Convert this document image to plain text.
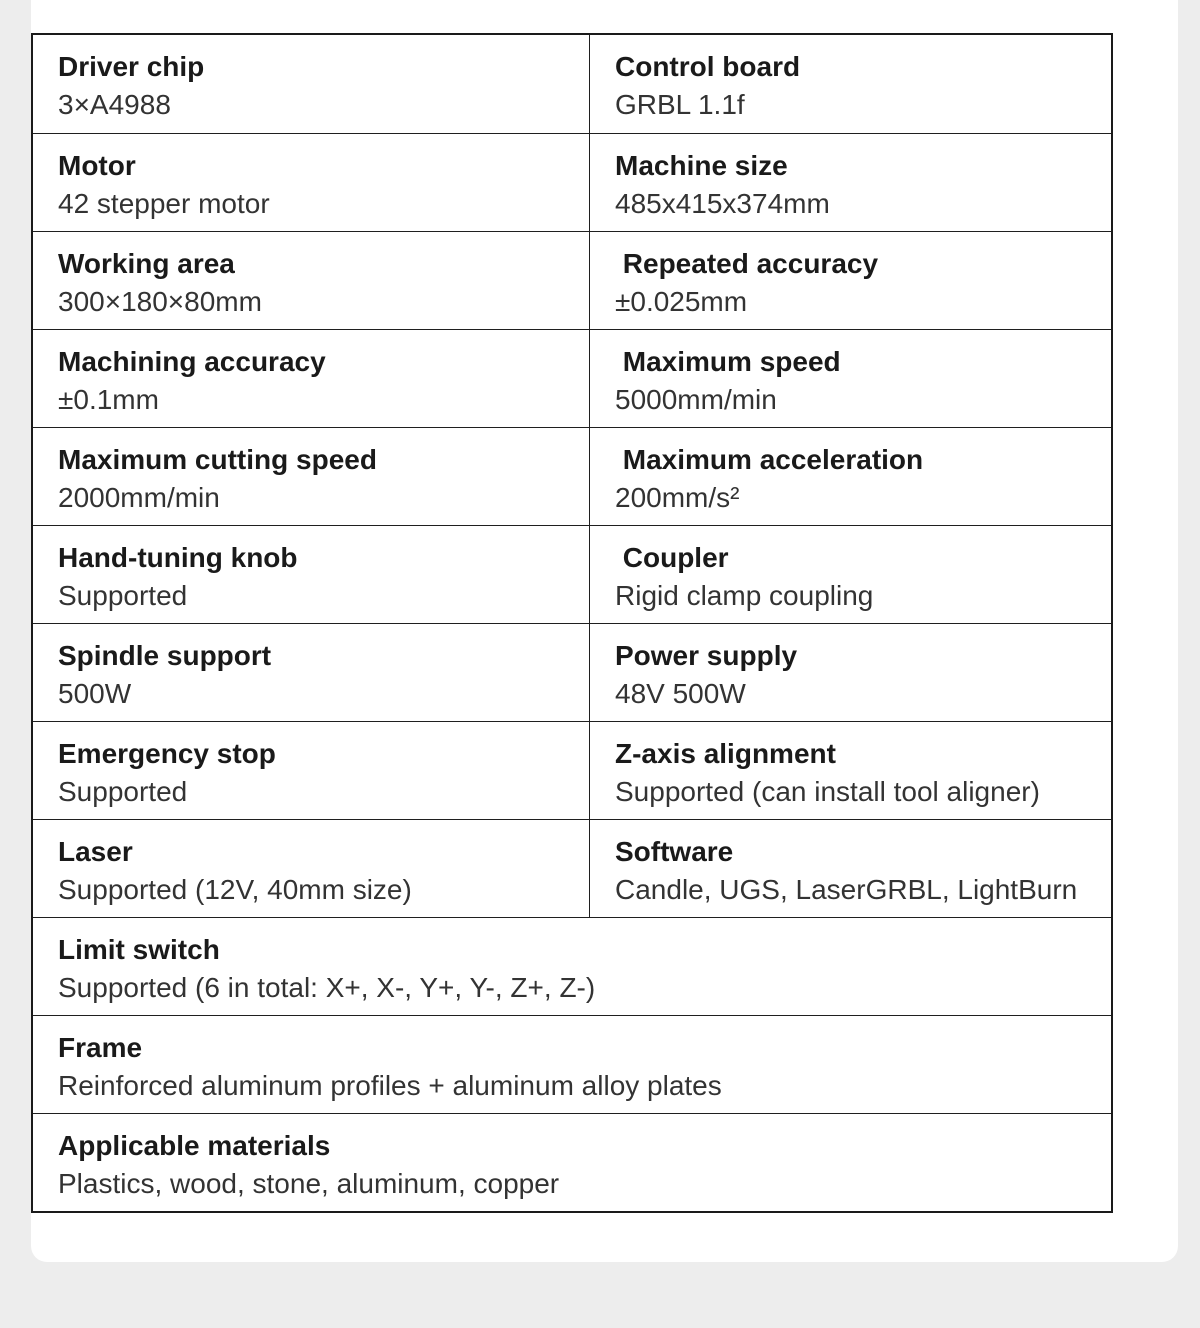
Driver chip
3×A4988
Control board
GRBL 1.1f
Motor
42 stepper motor
Machine size
485x415x374mm
Working area
300×180×80mm
Repeated accuracy
±0.025mm
Machining accuracy
±0.1mm
Maximum speed
5000mm/min
Maximum cutting speed
2000mm/min
Maximum acceleration
200mm/s²
Hand-tuning knob
Supported
Coupler
Rigid clamp coupling
Spindle support
500W
Power supply
48V 500W
Emergency stop
Supported
Z-axis alignment
Supported (can install tool aligner)
Laser
Supported (12V, 40mm size)
Software
Candle, UGS, LaserGRBL, LightBurn
Limit switch
Supported (6 in total: X+, X-, Y+, Y-, Z+, Z-)
Frame
Reinforced aluminum profiles + aluminum alloy plates
Applicable materials
Plastics, wood, stone, aluminum, copper
